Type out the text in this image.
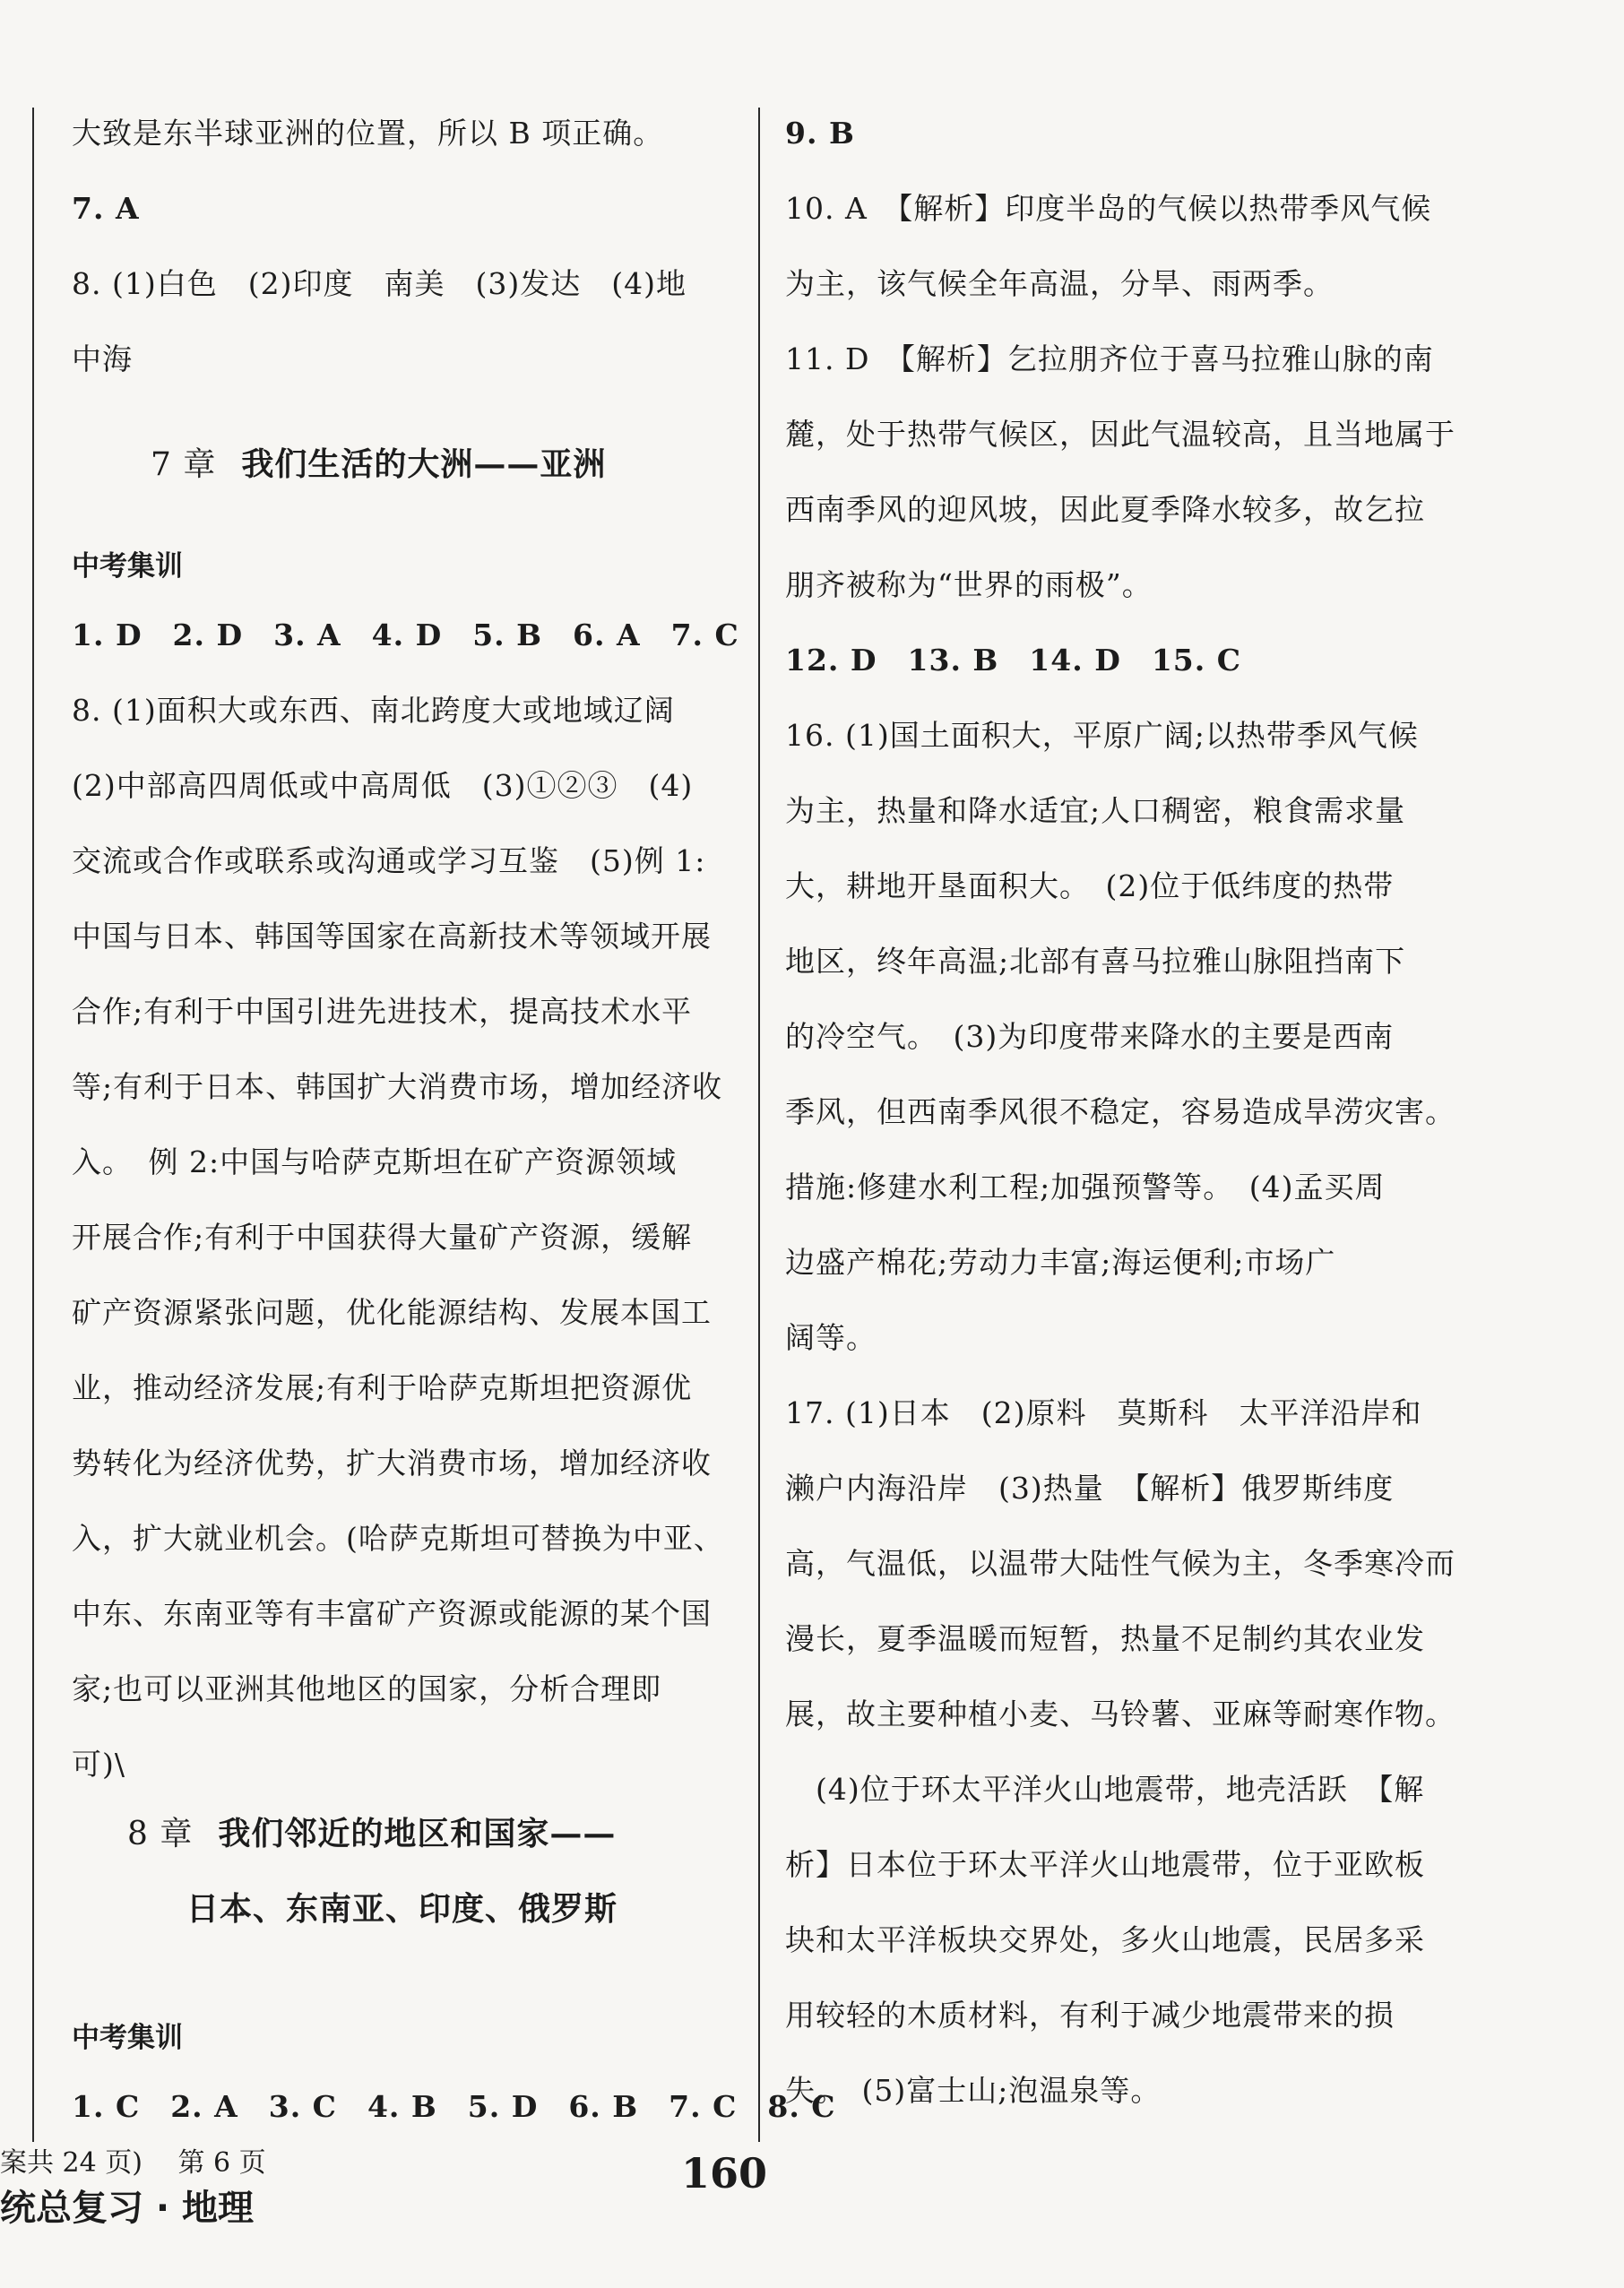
大致是东半球亚洲的位置，所以 B 项正确。
7. A
8. (1)白色　(2)印度　南美　(3)发达　(4)地
中海
7 章 我们生活的大洲——亚洲
中考集训
1. D　2. D　3. A　4. D　5. B　6. A　7. C
8. (1)面积大或东西、南北跨度大或地域辽阔
(2)中部高四周低或中高周低　(3)①②③　(4)
交流或合作或联系或沟通或学习互鉴　(5)例 1:
中国与日本、韩国等国家在高新技术等领域开展
合作;有利于中国引进先进技术，提高技术水平
等;有利于日本、韩国扩大消费市场，增加经济收
入。　例 2:中国与哈萨克斯坦在矿产资源领域
开展合作;有利于中国获得大量矿产资源，缓解
矿产资源紧张问题，优化能源结构、发展本国工
业，推动经济发展;有利于哈萨克斯坦把资源优
势转化为经济优势，扩大消费市场，增加经济收
入，扩大就业机会。(哈萨克斯坦可替换为中亚、
中东、东南亚等有丰富矿产资源或能源的某个国
家;也可以亚洲其他地区的国家，分析合理即
可)\
8 章 我们邻近的地区和国家——
日本、东南亚、印度、俄罗斯
中考集训
1. C　2. A　3. C　4. B　5. D　6. B　7. C　8. C
9. B
10. A　【解析】印度半岛的气候以热带季风气候
为主，该气候全年高温，分旱、雨两季。
11. D　【解析】乞拉朋齐位于喜马拉雅山脉的南
麓，处于热带气候区，因此气温较高，且当地属于
西南季风的迎风坡，因此夏季降水较多，故乞拉
朋齐被称为“世界的雨极”。
12. D　13. B　14. D　15. C
16. (1)国土面积大，平原广阔;以热带季风气候
为主，热量和降水适宜;人口稠密，粮食需求量
大，耕地开垦面积大。　(2)位于低纬度的热带
地区，终年高温;北部有喜马拉雅山脉阻挡南下
的冷空气。　(3)为印度带来降水的主要是西南
季风，但西南季风很不稳定，容易造成旱涝灾害。
措施:修建水利工程;加强预警等。　(4)孟买周
边盛产棉花;劳动力丰富;海运便利;市场广
阔等。
17. (1)日本　(2)原料　莫斯科　太平洋沿岸和
濑户内海沿岸　(3)热量　【解析】俄罗斯纬度
高，气温低，以温带大陆性气候为主，冬季寒冷而
漫长，夏季温暖而短暂，热量不足制约其农业发
展，故主要种植小麦、马铃薯、亚麻等耐寒作物。
　(4)位于环太平洋火山地震带，地壳活跃　【解
析】日本位于环太平洋火山地震带，位于亚欧板
块和太平洋板块交界处，多火山地震，民居多采
用较轻的木质材料，有利于减少地震带来的损
失。　(5)富士山;泡温泉等。
案共 24 页)　 第 6 页
统总复习 · 地理
160
